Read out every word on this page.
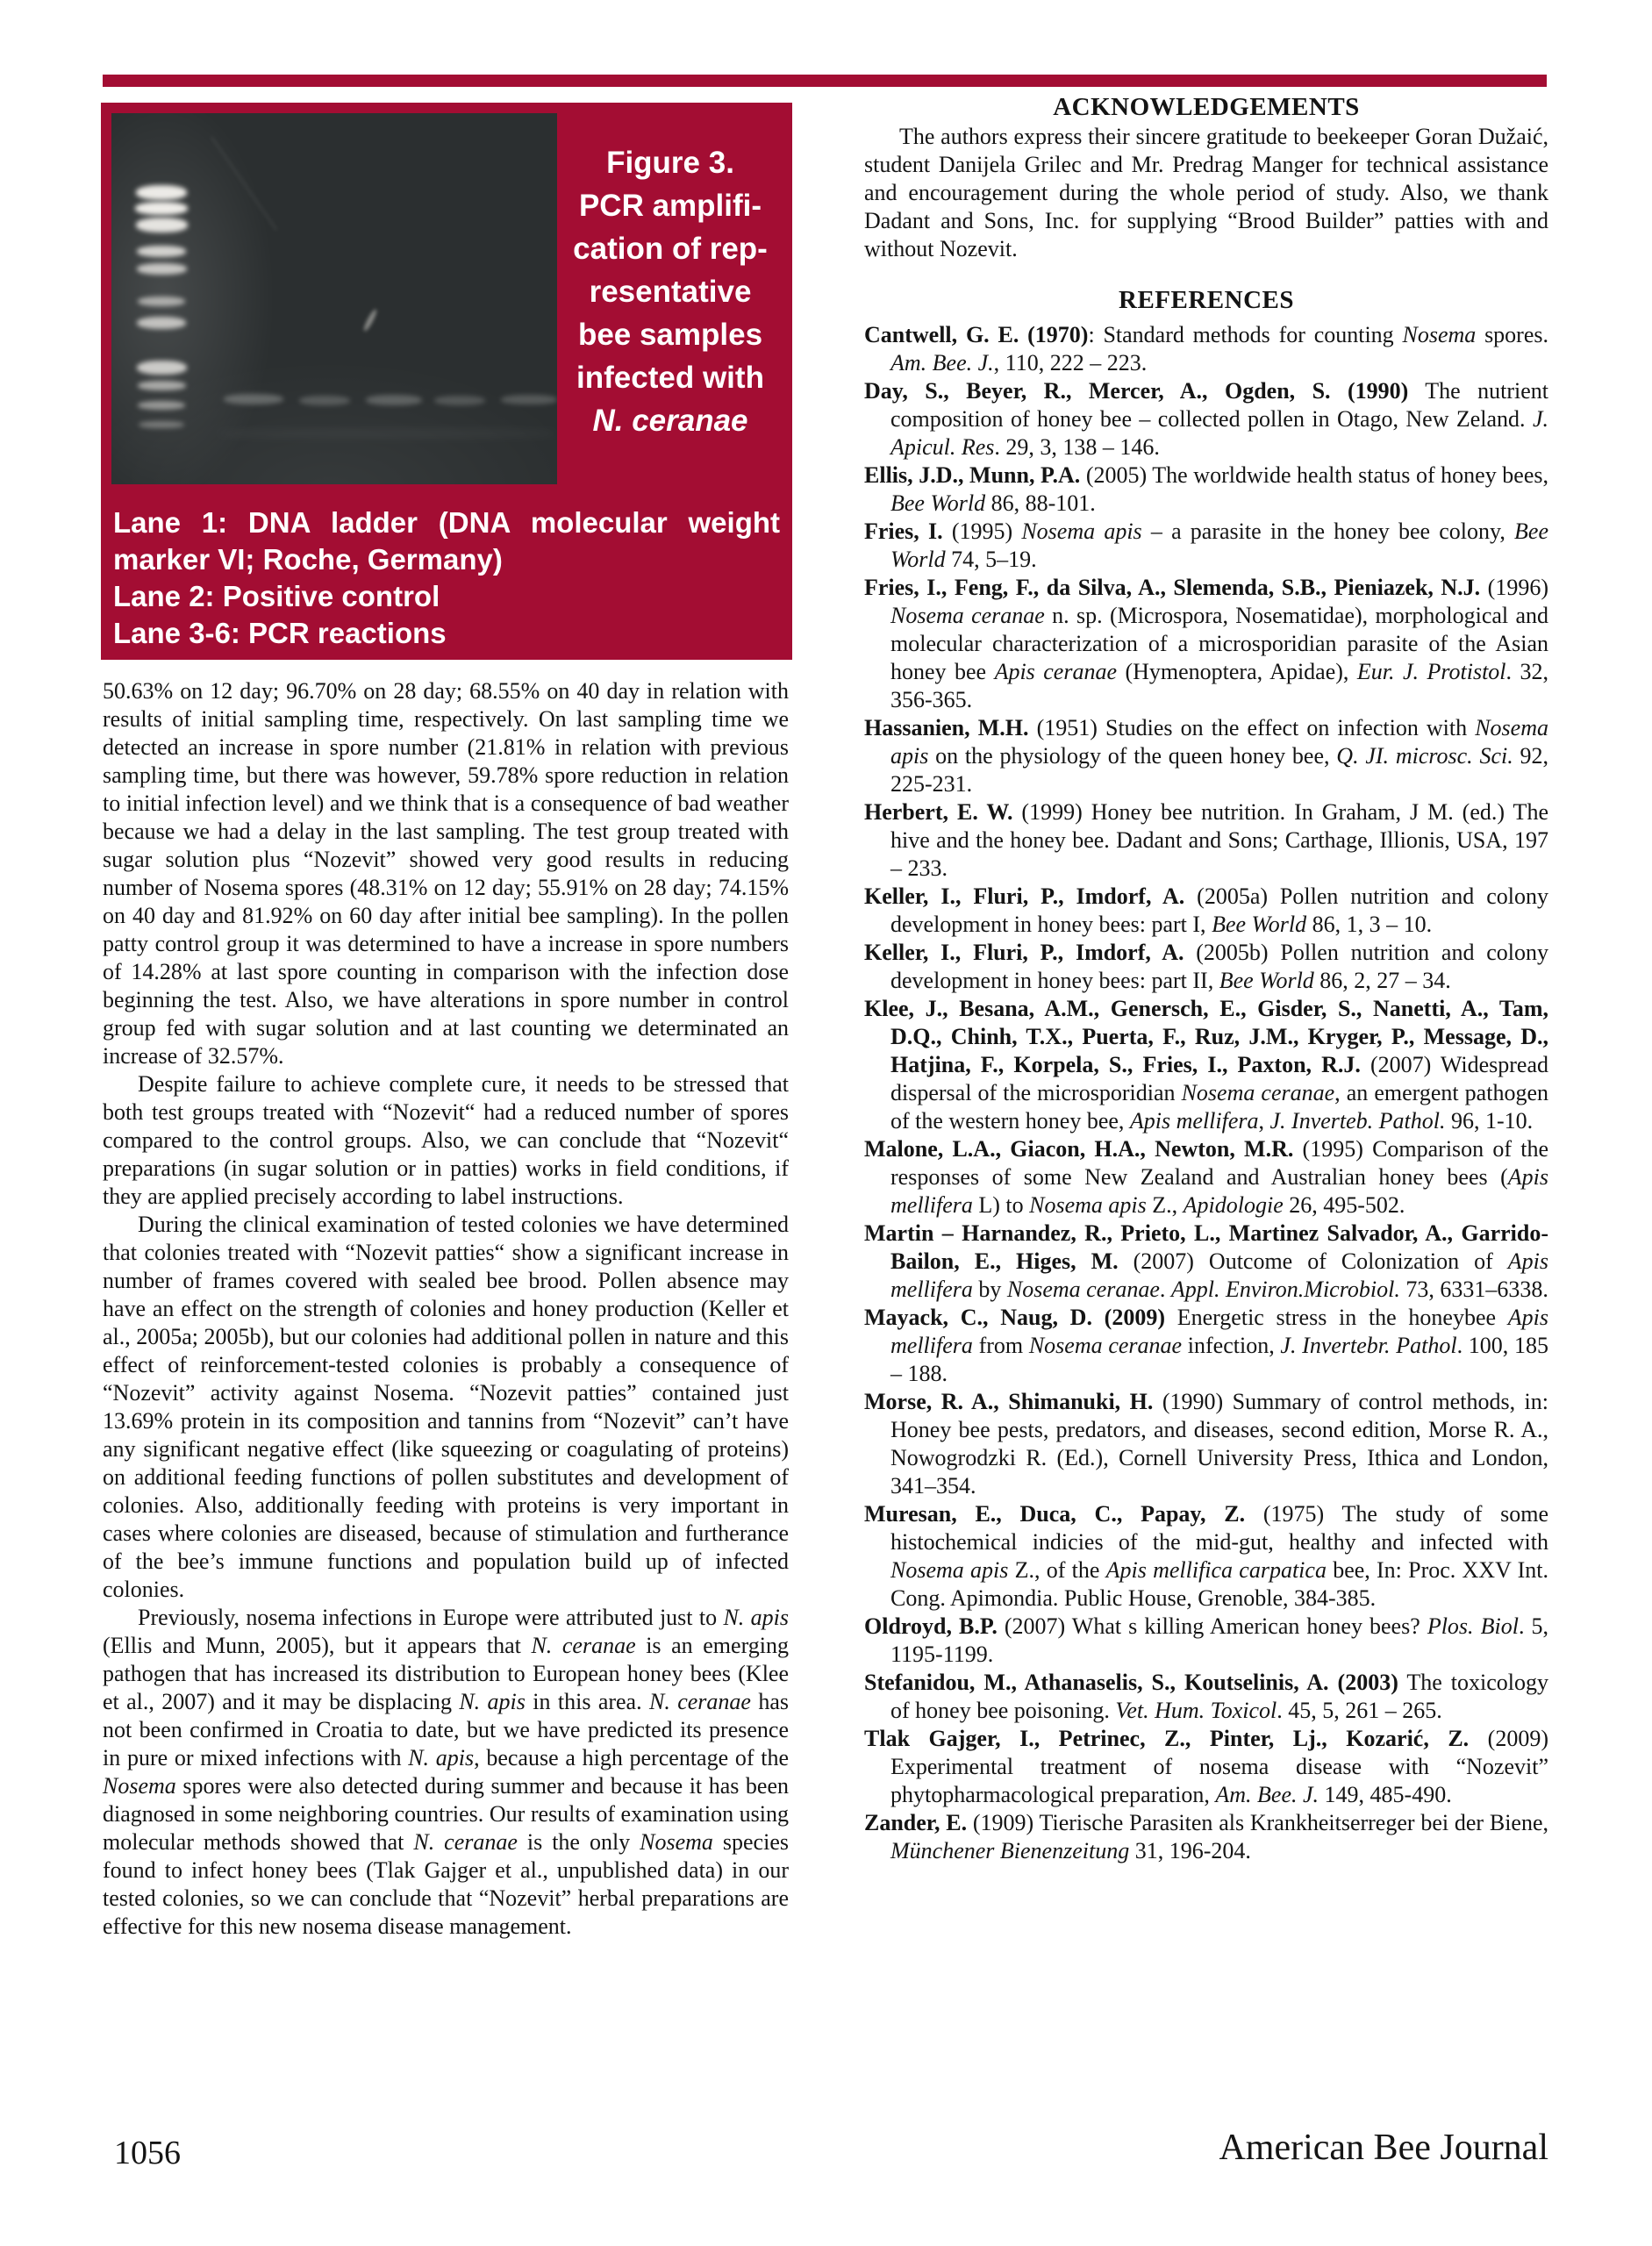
Figure 3.
PCR amplifi-
cation of rep-
resentative
bee samples
infected with
N. ceranae
Lane 1: DNA ladder (DNA molecular weight
marker VI; Roche, Germany)
Lane 2: Positive control
Lane 3-6: PCR reactions

50.63% on 12 day; 96.70% on 28 day; 68.55% on 40 day in relation with results of initial sampling time, respectively. On last sampling time we detected an increase in spore number (21.81% in relation with previous sampling time, but there was however, 59.78% spore reduction in relation to initial infection level) and we think that is a consequence of bad weather because we had a delay in the last sampling. The test group treated with sugar solution plus “Nozevit” showed very good results in reducing number of Nosema spores (48.31% on 12 day; 55.91% on 28 day; 74.15% on 40 day and 81.92% on 60 day after initial bee sampling). In the pollen patty control group it was determined to have a increase in spore numbers of 14.28% at last spore counting in comparison with the infection dose beginning the test. Also, we have alterations in spore number in control group fed with sugar solution and at last counting we determinated an increase of 32.57%.

Despite failure to achieve complete cure, it needs to be stressed that both test groups treated with “Nozevit“ had a reduced number of spores compared to the control groups. Also, we can conclude that “Nozevit“ preparations (in sugar solution or in patties) works in field conditions, if they are applied precisely according to label instructions.

During the clinical examination of tested colonies we have determined that colonies treated with “Nozevit patties“ show a significant increase in number of frames covered with sealed bee brood. Pollen absence may have an effect on the strength of colonies and honey production (Keller et al., 2005a; 2005b), but our colonies had additional pollen in nature and this effect of reinforcement-tested colonies is probably a consequence of “Nozevit” activity against Nosema. “Nozevit patties” contained just 13.69% protein in its composition and tannins from “Nozevit” can’t have any significant negative effect (like squeezing or coagulating of proteins) on additional feeding functions of pollen substitutes and development of colonies. Also, additionally feeding with proteins is very important in cases where colonies are diseased, because of stimulation and furtherance of the bee’s immune functions and population build up of infected colonies.

Previously, nosema infections in Europe were attributed just to N. apis (Ellis and Munn, 2005), but it appears that N. ceranae is an emerging pathogen that has increased its distribution to European honey bees (Klee et al., 2007) and it may be displacing N. apis in this area. N. ceranae has not been confirmed in Croatia to date, but we have predicted its presence in pure or mixed infections with N. apis, because a high percentage of the Nosema spores were also detected during summer and because it has been diagnosed in some neighboring countries. Our results of examination using molecular methods showed that N. ceranae is the only Nosema species found to infect honey bees (Tlak Gajger et al., unpublished data) in our tested colonies, so we can conclude that “Nozevit” herbal preparations are effective for this new nosema disease management.

ACKNOWLEDGEMENTS

The authors express their sincere gratitude to beekeeper Goran Dužaić, student Danijela Grilec and Mr. Predrag Manger for technical assistance and encouragement during the whole period of study. Also, we thank Dadant and Sons, Inc. for supplying “Brood Builder” patties with and without Nozevit.

REFERENCES

Cantwell, G. E. (1970): Standard methods for counting Nosema spores. Am. Bee. J., 110, 222 – 223.

Day, S., Beyer, R., Mercer, A., Ogden, S. (1990) The nutrient composition of honey bee – collected pollen in Otago, New Zeland. J. Apicul. Res. 29, 3, 138 – 146.

Ellis, J.D., Munn, P.A. (2005) The worldwide health status of honey bees, Bee World 86, 88-101.

Fries, I. (1995) Nosema apis – a parasite in the honey bee colony, Bee World 74, 5–19.

Fries, I., Feng, F., da Silva, A., Slemenda, S.B., Pieniazek, N.J. (1996) Nosema ceranae n. sp. (Microspora, Nosematidae), morphological and molecular characterization of a microsporidian parasite of the Asian honey bee Apis ceranae (Hymenoptera, Apidae), Eur. J. Protistol. 32, 356-365.

Hassanien, M.H. (1951) Studies on the effect on infection with Nosema apis on the physiology of the queen honey bee, Q. JI. microsc. Sci. 92, 225-231.

Herbert, E. W. (1999) Honey bee nutrition. In Graham, J M. (ed.) The hive and the honey bee. Dadant and Sons; Carthage, Illionis, USA, 197 – 233.

Keller, I., Fluri, P., Imdorf, A. (2005a) Pollen nutrition and colony development in honey bees: part I, Bee World 86, 1, 3 – 10.

Keller, I., Fluri, P., Imdorf, A. (2005b) Pollen nutrition and colony development in honey bees: part II, Bee World 86, 2, 27 – 34.

Klee, J., Besana, A.M., Genersch, E., Gisder, S., Nanetti, A., Tam, D.Q., Chinh, T.X., Puerta, F., Ruz, J.M., Kryger, P., Message, D., Hatjina, F., Korpela, S., Fries, I., Paxton, R.J. (2007) Widespread dispersal of the microsporidian Nosema ceranae, an emergent pathogen of the western honey bee, Apis mellifera, J. Inverteb. Pathol. 96, 1-10.

Malone, L.A., Giacon, H.A., Newton, M.R. (1995) Comparison of the responses of some New Zealand and Australian honey bees (Apis mellifera L) to Nosema apis Z., Apidologie 26, 495-502.

Martin – Harnandez, R., Prieto, L., Martinez Salvador, A., Garrido-Bailon, E., Higes, M. (2007) Outcome of Colonization of Apis mellifera by Nosema ceranae. Appl. Environ.Microbiol. 73, 6331–6338.

Mayack, C., Naug, D. (2009) Energetic stress in the honeybee Apis mellifera from Nosema ceranae infection, J. Invertebr. Pathol. 100, 185 – 188.

Morse, R. A., Shimanuki, H. (1990) Summary of control methods, in: Honey bee pests, predators, and diseases, second edition, Morse R. A., Nowogrodzki R. (Ed.), Cornell University Press, Ithica and London, 341–354.

Muresan, E., Duca, C., Papay, Z. (1975) The study of some histochemical indicies of the mid-gut, healthy and infected with Nosema apis Z., of the Apis mellifica carpatica bee, In: Proc. XXV Int. Cong. Apimondia. Public House, Grenoble, 384-385.

Oldroyd, B.P. (2007) What s killing American honey bees? Plos. Biol. 5, 1195-1199.

Stefanidou, M., Athanaselis, S., Koutselinis, A. (2003) The toxicology of honey bee poisoning. Vet. Hum. Toxicol. 45, 5, 261 – 265.

Tlak Gajger, I., Petrinec, Z., Pinter, Lj., Kozarić, Z. (2009) Experimental treatment of nosema disease with “Nozevit” phytopharmacological preparation, Am. Bee. J. 149, 485-490.

Zander, E. (1909) Tierische Parasiten als Krankheitserreger bei der Biene, Münchener Bienenzeitung 31, 196-204.

1056	American Bee Journal
